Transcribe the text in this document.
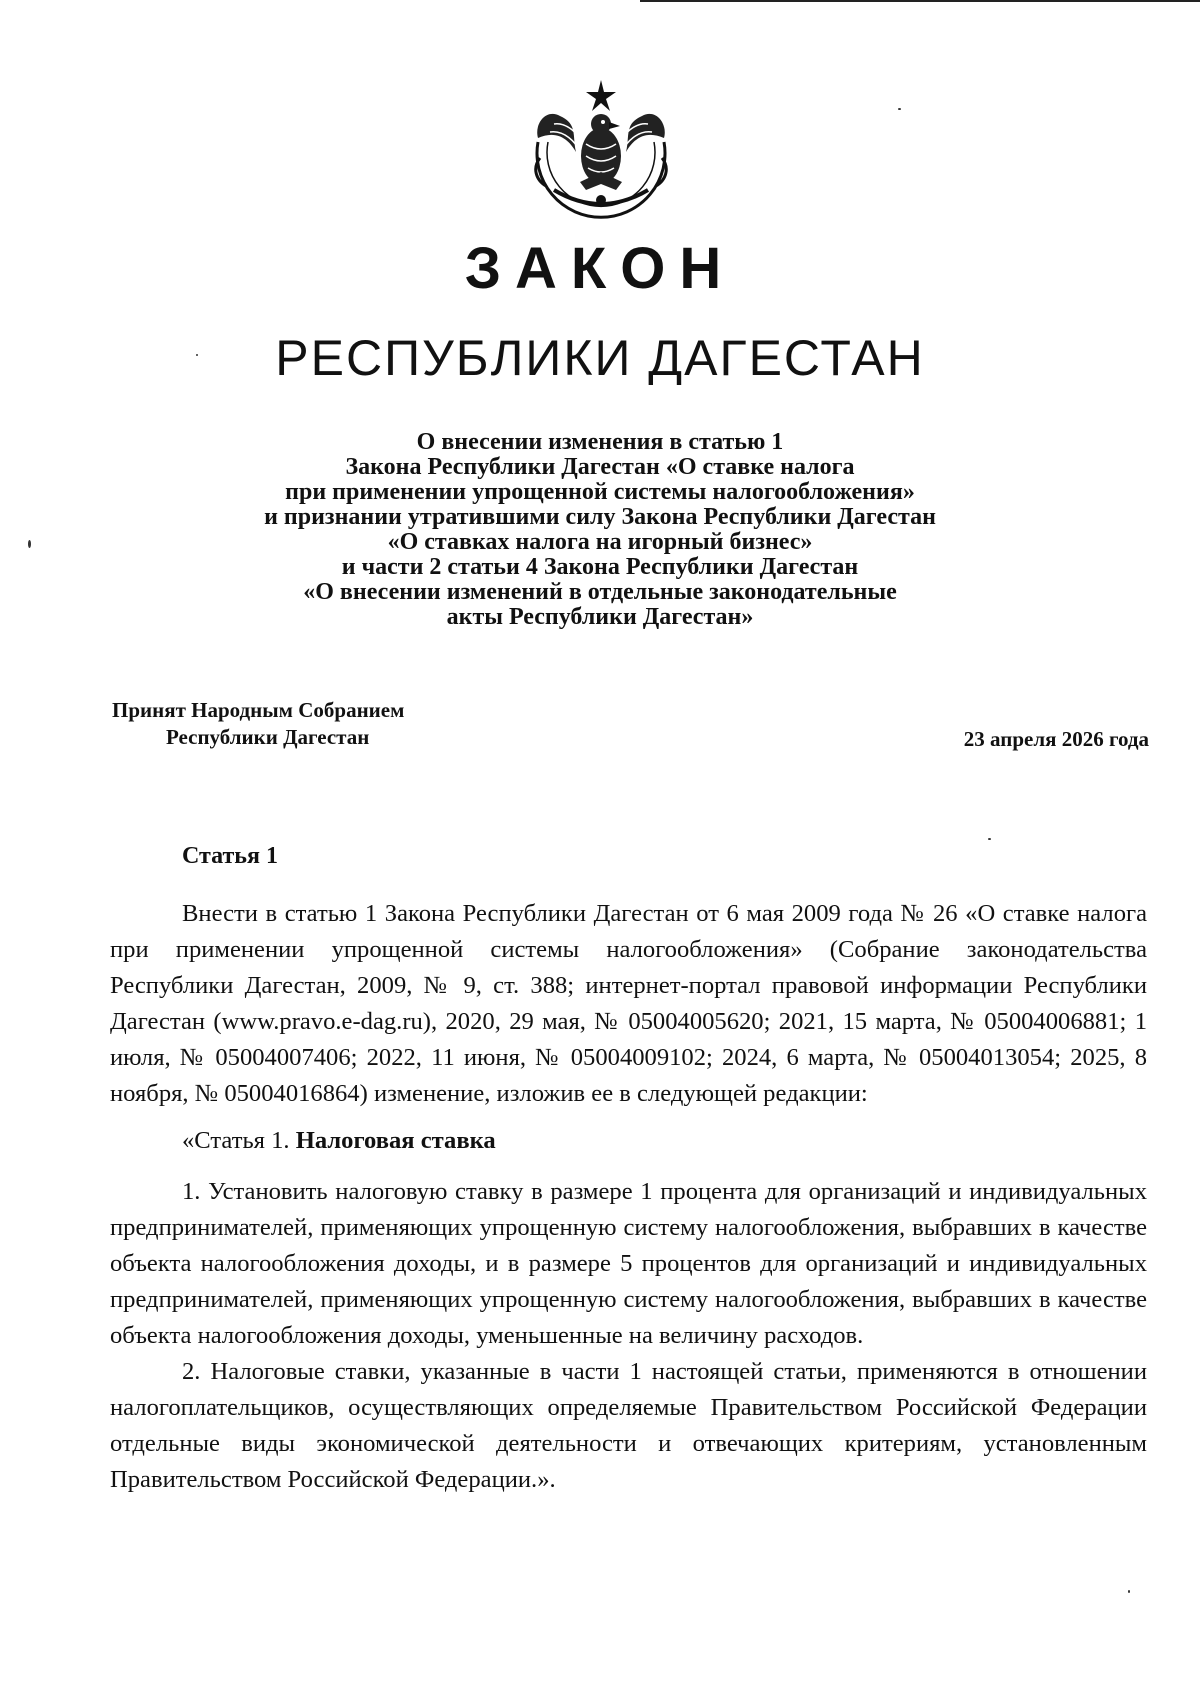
ЗАКОН
РЕСПУБЛИКИ ДАГЕСТАН
О внесении изменения в статью 1
Закона Республики Дагестан «О ставке налога
при применении упрощенной системы налогообложения»
и признании утратившими силу Закона Республики Дагестан
«О ставках налога на игорный бизнес»
и части 2 статьи 4 Закона Республики Дагестан
«О внесении изменений в отдельные законодательные
акты Республики Дагестан»
Принят Народным Собранием
Республики Дагестан	23 апреля 2026 года
Статья 1

Внести в статью 1 Закона Республики Дагестан от 6 мая 2009 года № 26 «О ставке налога при применении упрощенной системы налогообложения» (Собрание законодательства Республики Дагестан, 2009, № 9, ст. 388; интернет-портал правовой информации Республики Дагестан (www.pravo.e-dag.ru), 2020, 29 мая, № 05004005620; 2021, 15 марта, № 05004006881; 1 июля, № 05004007406; 2022, 11 июня, № 05004009102; 2024, 6 марта, № 05004013054; 2025, 8 ноября, № 05004016864) изменение, изложив ее в следующей редакции:

«Статья 1. Налоговая ставка

1. Установить налоговую ставку в размере 1 процента для организаций и индивидуальных предпринимателей, применяющих упрощенную систему налогообложения, выбравших в качестве объекта налогообложения доходы, и в размере 5 процентов для организаций и индивидуальных предпринимателей, применяющих упрощенную систему налогообложения, выбравших в качестве объекта налогообложения доходы, уменьшенные на величину расходов.

2. Налоговые ставки, указанные в части 1 настоящей статьи, применяются в отношении налогоплательщиков, осуществляющих определяемые Правительством Российской Федерации отдельные виды экономической деятельности и отвечающих критериям, установленным Правительством Российской Федерации.».
